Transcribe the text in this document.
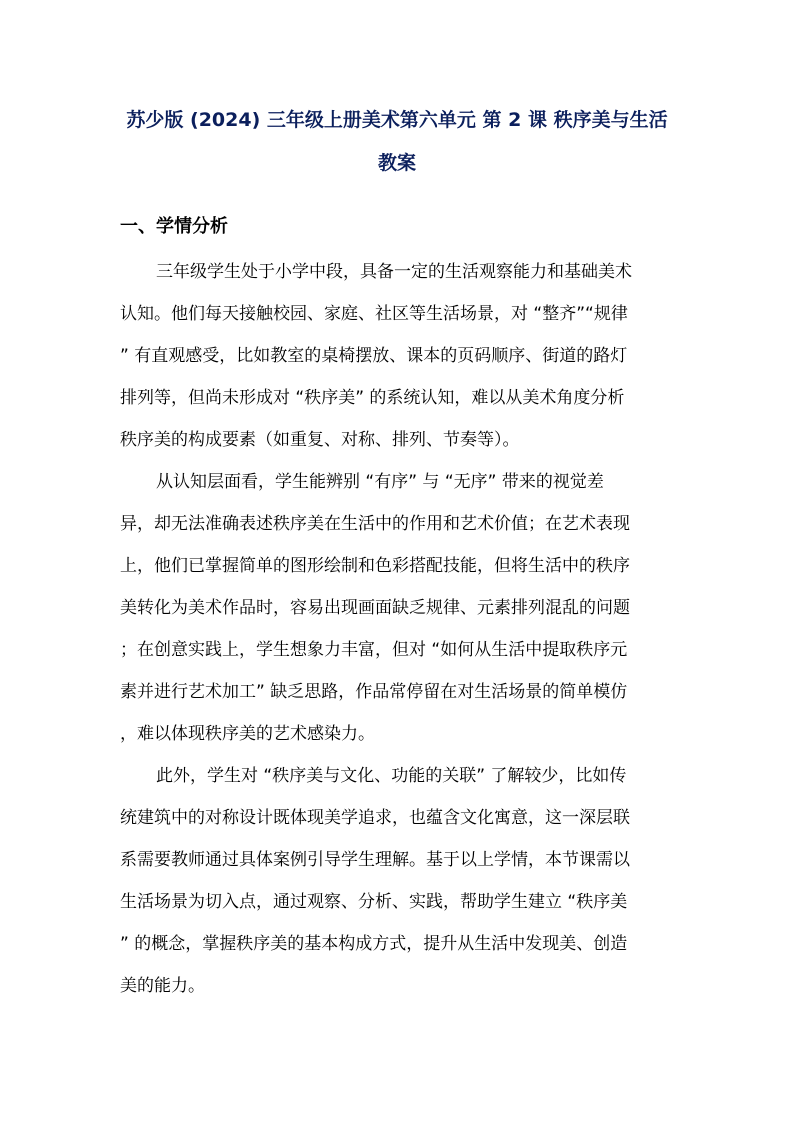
苏少版 (2024) 三年级上册美术第六单元 第 2 课 秩序美与生活
教案
一、学情分析
三年级学生处于小学中段，具备一定的生活观察能力和基础美术
认知。他们每天接触校园、家庭、社区等生活场景，对 “整齐”“规律
” 有直观感受，比如教室的桌椅摆放、课本的页码顺序、街道的路灯
排列等，但尚未形成对 “秩序美” 的系统认知，难以从美术角度分析
秩序美的构成要素（如重复、对称、排列、节奏等）。
从认知层面看，学生能辨别 “有序” 与 “无序” 带来的视觉差
异，却无法准确表述秩序美在生活中的作用和艺术价值；在艺术表现
上，他们已掌握简单的图形绘制和色彩搭配技能，但将生活中的秩序
美转化为美术作品时，容易出现画面缺乏规律、元素排列混乱的问题
；在创意实践上，学生想象力丰富，但对 “如何从生活中提取秩序元
素并进行艺术加工” 缺乏思路，作品常停留在对生活场景的简单模仿
，难以体现秩序美的艺术感染力。
此外，学生对 “秩序美与文化、功能的关联” 了解较少，比如传
统建筑中的对称设计既体现美学追求，也蕴含文化寓意，这一深层联
系需要教师通过具体案例引导学生理解。基于以上学情，本节课需以
生活场景为切入点，通过观察、分析、实践，帮助学生建立 “秩序美
” 的概念，掌握秩序美的基本构成方式，提升从生活中发现美、创造
美的能力。
